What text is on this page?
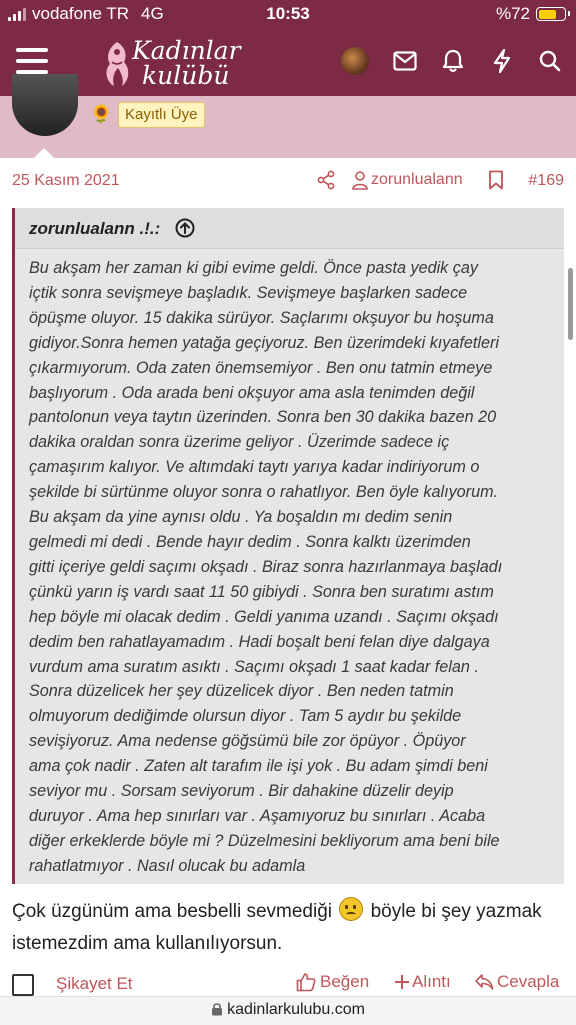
vodafone TR 4G	10:53	%72
Kadınlar
kulübü
🌻 Kayıtlı Üye
25 Kasım 2021	zorunlualann	#169
zorunlualann .!.:
Bu akşam her zaman ki gibi evime geldi. Önce pasta yedik çay
içtik sonra sevişmeye başladık. Sevişmeye başlarken sadece
öpüşme oluyor. 15 dakika sürüyor. Saçlarımı okşuyor bu hoşuma
gidiyor.Sonra hemen yatağa geçiyoruz. Ben üzerimdeki kıyafetleri
çıkarmıyorum. Oda zaten önemsemiyor . Ben onu tatmin etmeye
başlıyorum . Oda arada beni okşuyor ama asla tenimden değil
pantolonun veya taytın üzerinden. Sonra ben 30 dakika bazen 20
dakika oraldan sonra üzerime geliyor . Üzerimde sadece iç
çamaşırım kalıyor. Ve altımdaki taytı yarıya kadar indiriyorum o
şekilde bi sürtünme oluyor sonra o rahatlıyor. Ben öyle kalıyorum.
Bu akşam da yine aynısı oldu . Ya boşaldın mı dedim senin
gelmedi mi dedi . Bende hayır dedim . Sonra kalktı üzerimden
gitti içeriye geldi saçımı okşadı . Biraz sonra hazırlanmaya başladı
çünkü yarın iş vardı saat 11 50 gibiydi . Sonra ben suratımı astım
hep böyle mi olacak dedim . Geldi yanıma uzandı . Saçımı okşadı
dedim ben rahatlayamadım . Hadi boşalt beni felan diye dalgaya
vurdum ama suratım asıktı . Saçımı okşadı 1 saat kadar felan .
Sonra düzelicek her şey düzelicek diyor . Ben neden tatmin
olmuyorum dediğimde olursun diyor . Tam 5 aydır bu şekilde
sevişiyoruz. Ama nedense göğsümü bile zor öpüyor . Öpüyor
ama çok nadir . Zaten alt tarafım ile işi yok . Bu adam şimdi beni
seviyor mu . Sorsam seviyorum . Bir dahakine düzelir deyip
duruyor . Ama hep sınırları var . Aşamıyoruz bu sınırları . Acaba
diğer erkeklerde böyle mi ? Düzelmesini bekliyorum ama beni bile
rahatlatmıyor . Nasıl olucak bu adamla
Çok üzgünüm ama besbelli sevmediği böyle bi şey yazmak istemezdim ama kullanılıyorsun.
Şikayet Et	Beğen	Alıntı	Cevapla
kadinlarkulubu.com
